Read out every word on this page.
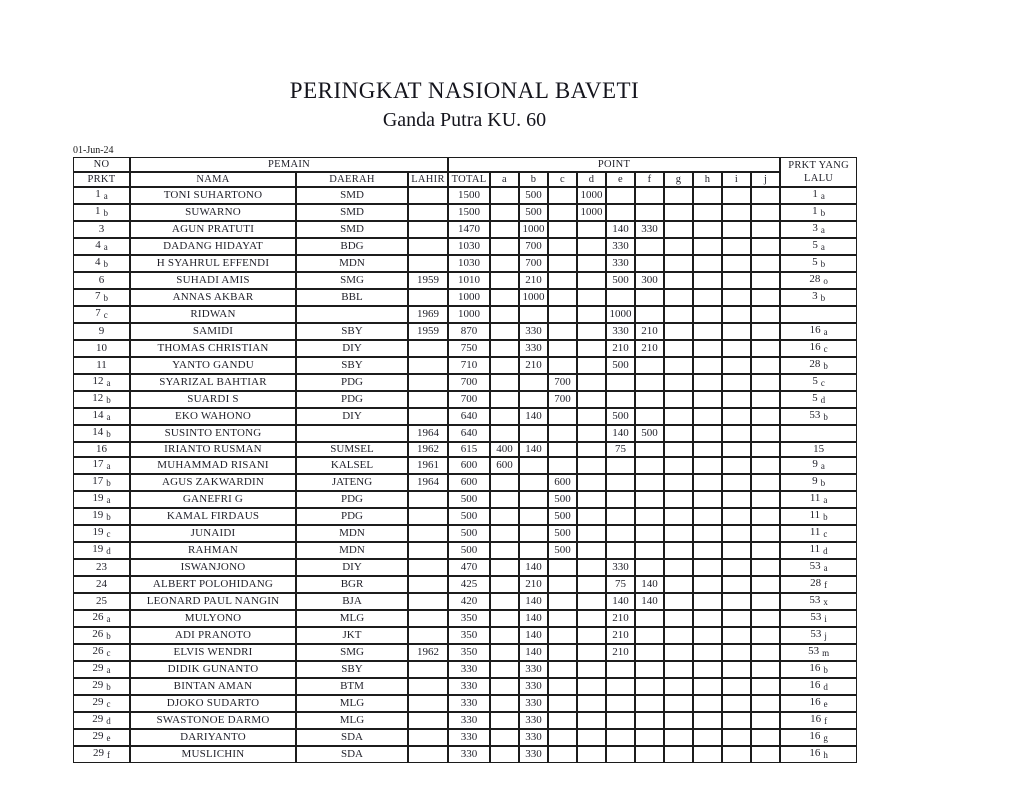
PERINGKAT NASIONAL BAVETI
Ganda Putra KU. 60
01-Jun-24
NO	PEMAIN			POINT											PRKT YANG
LALU

PRKT	NAMA	DAERAH	LAHIR	TOTAL	a	b	c	d	e	f	g	h	i	j	
1 $_a$	TONI SUHARTONO	SMD		1500		500		1000							1 $_a$
1 $_b$	SUWARNO	SMD		1500		500		1000							1 $_b$
3	AGUN PRATUTI	SMD		1470		1000			140	330					3 $_a$
4 $_a$	DADANG HIDAYAT	BDG		1030		700			330						5 $_a$
4 $_b$	H SYAHRUL EFFENDI	MDN		1030		700			330						5 $_b$
6	SUHADI AMIS	SMG	1959	1010		210			500	300					28 $_o$
7 $_b$	ANNAS AKBAR	BBL		1000		1000									3 $_b$
7 $_c$	RIDWAN		1969	1000					1000						
9	SAMIDI	SBY	1959	870		330			330	210					16 $_a$
10	THOMAS CHRISTIAN	DIY		750		330			210	210					16 $_c$
11	YANTO GANDU	SBY		710		210			500						28 $_b$
12 $_a$	SYARIZAL BAHTIAR	PDG		700			700								5 $_c$
12 $_b$	SUARDI S	PDG		700			700								5 $_d$
14 $_a$	EKO WAHONO	DIY		640		140			500						53 $_b$
14 $_b$	SUSINTO ENTONG		1964	640					140	500					
16	IRIANTO RUSMAN	SUMSEL	1962	615	400	140			75						15
17 $_a$	MUHAMMAD RISANI	KALSEL	1961	600	600										9 $_a$
17 $_b$	AGUS ZAKWARDIN	JATENG	1964	600			600								9 $_b$
19 $_a$	GANEFRI G	PDG		500			500								11 $_a$
19 $_b$	KAMAL FIRDAUS	PDG		500			500								11 $_b$
19 $_c$	JUNAIDI	MDN		500			500								11 $_c$
19 $_d$	RAHMAN	MDN		500			500								11 $_d$
23	ISWANJONO	DIY		470		140			330						53 $_a$
24	ALBERT POLOHIDANG	BGR		425		210			75	140					28 $_f$
25	LEONARD PAUL NANGIN	BJA		420		140			140	140					53 $_x$
26 $_a$	MULYONO	MLG		350		140			210						53 $_i$
26 $_b$	ADI PRANOTO	JKT		350		140			210						53 $_j$
26 $_c$	ELVIS WENDRI	SMG	1962	350		140			210						53 $_m$
29 $_a$	DIDIK GUNANTO	SBY		330		330									16 $_b$
29 $_b$	BINTAN AMAN	BTM		330		330									16 $_d$
29 $_c$	DJOKO SUDARTO	MLG		330		330									16 $_e$
29 $_d$	SWASTONOE DARMO	MLG		330		330									16 $_f$
29 $_e$	DARIYANTO	SDA		330		330									16 $_g$
29 $_f$	MUSLICHIN	SDA		330		330									16 $_h$
